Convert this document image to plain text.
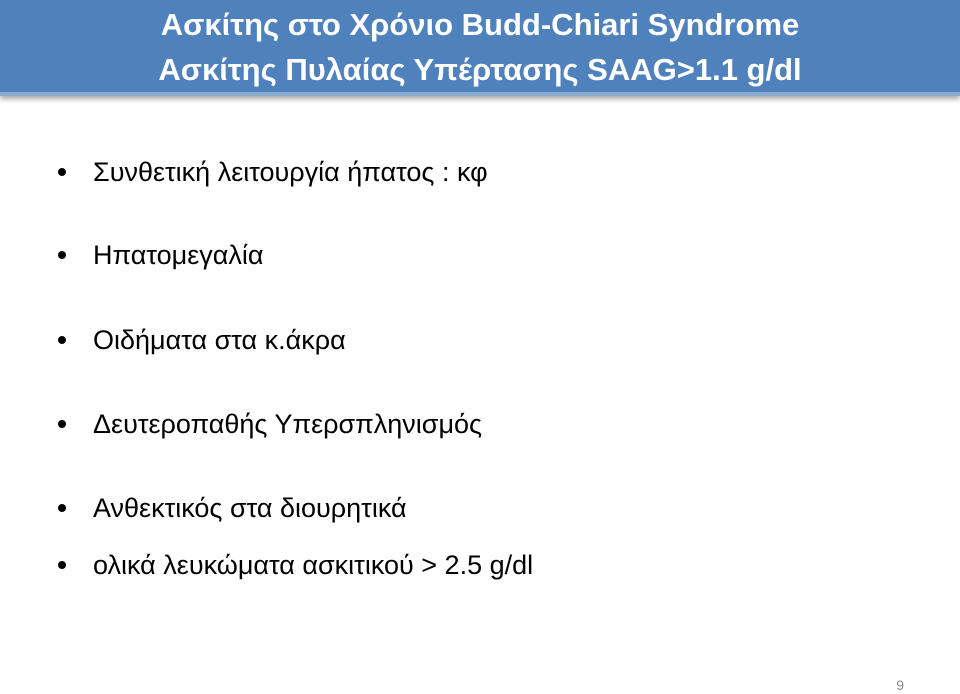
Ασκίτης στο Χρόνιο Budd-Chiari Syndrome
Ασκίτης Πυλαίας Υπέρτασης SAAG>1.1 g/dl
Συνθετική λειτουργία ήπατος : κφ
Ηπατομεγαλία
Οιδήματα στα κ.άκρα
Δευτεροπαθής Υπερσπληνισμός
Ανθεκτικός στα διουρητικά
ολικά λευκώματα ασκιτικού > 2.5 g/dl
9
